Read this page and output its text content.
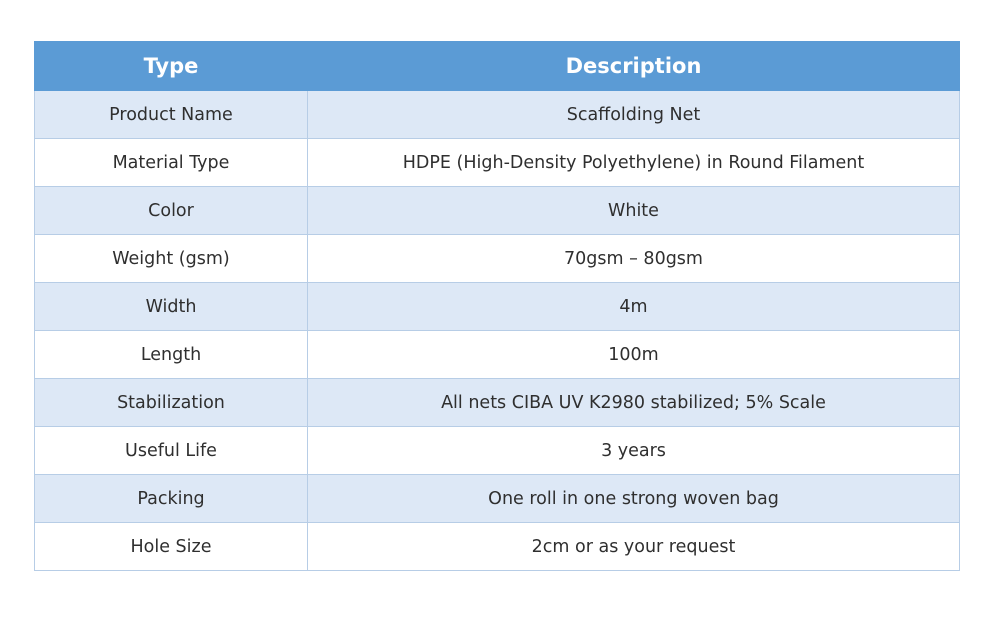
Type	Description
Product Name	Scaffolding Net
Material Type	HDPE (High-Density Polyethylene) in Round Filament
Color	White
Weight (gsm)	70gsm – 80gsm
Width	4m
Length	100m
Stabilization	All nets CIBA UV K2980 stabilized; 5% Scale
Useful Life	3 years
Packing	One roll in one strong woven bag
Hole Size	2cm or as your request
